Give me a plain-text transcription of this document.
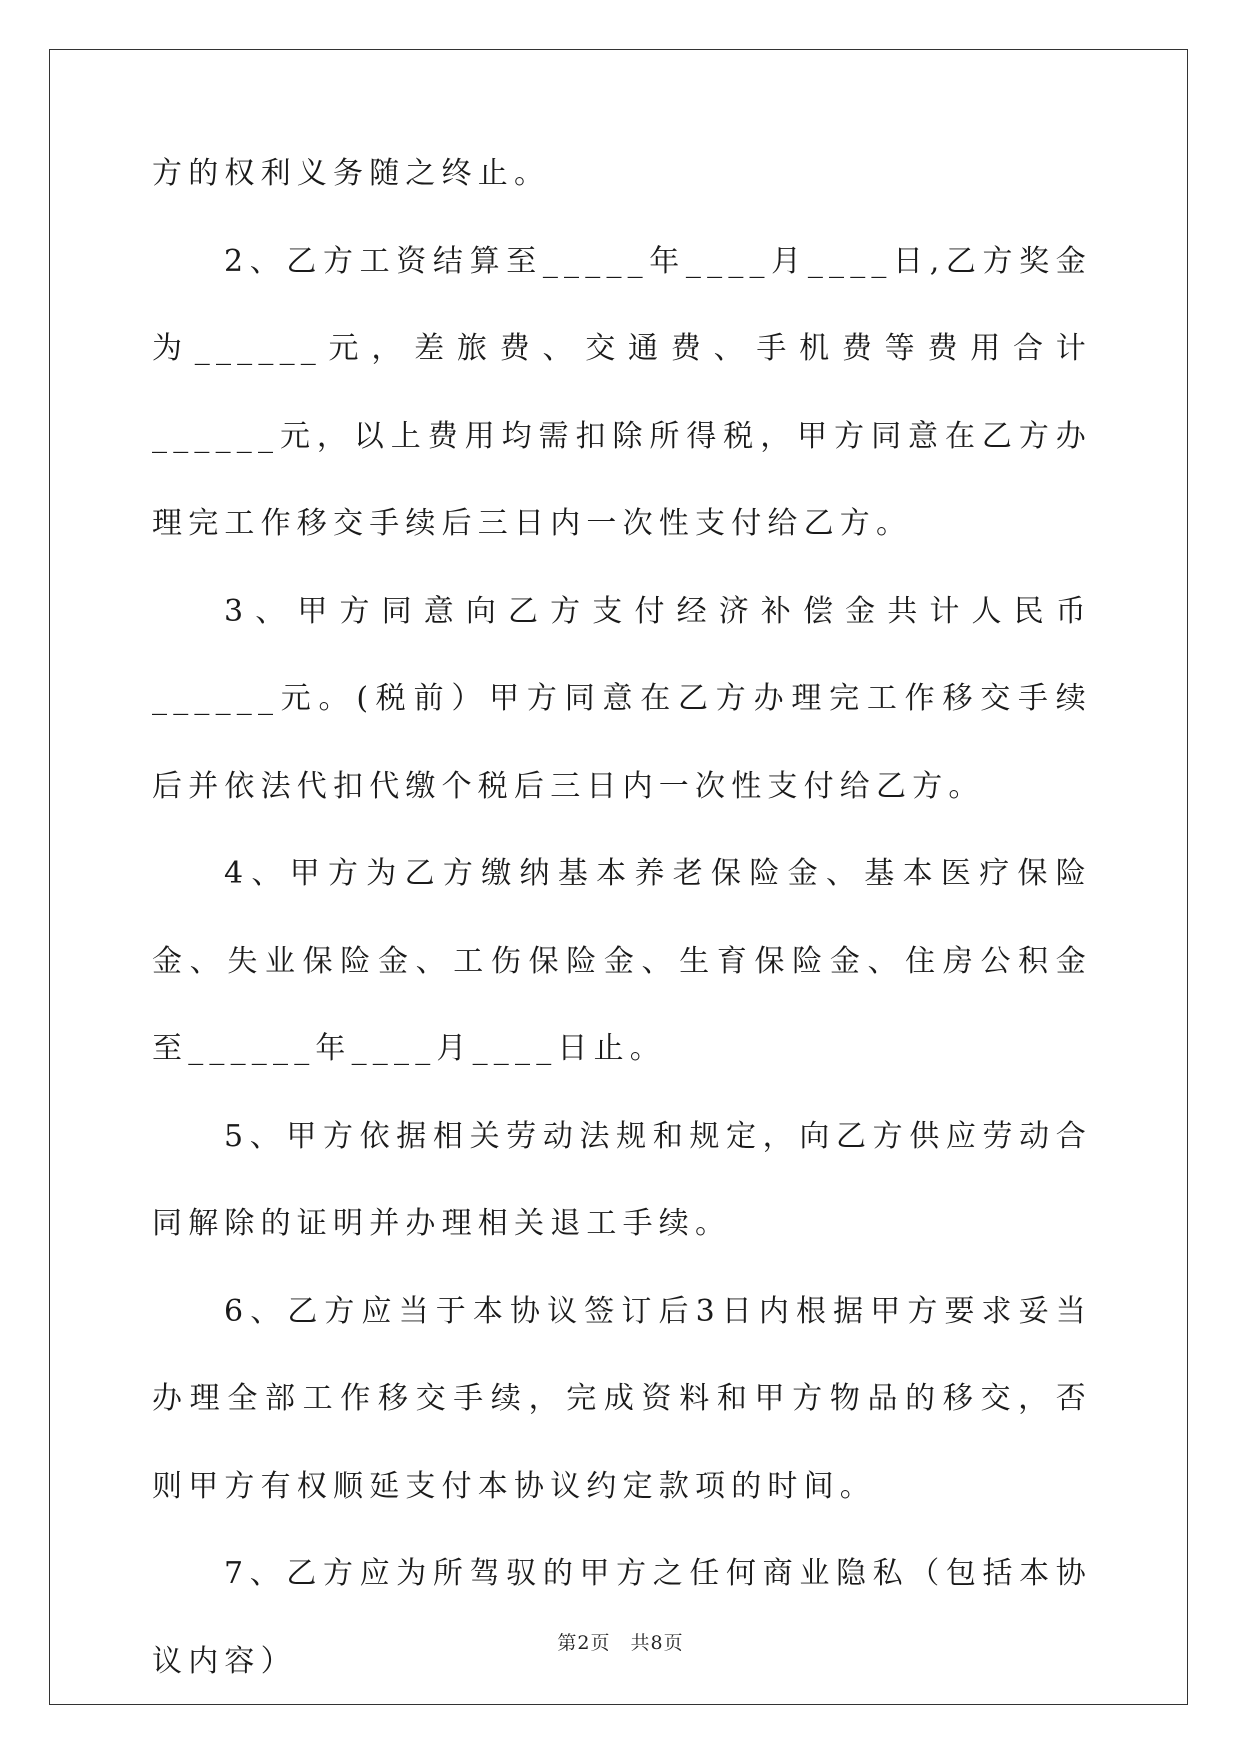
方的权利义务随之终止。

2、乙方工资结算至_____年____月____日,乙方奖金为______元，差旅费、交通费、手机费等费用合计______元，以上费用均需扣除所得税，甲方同意在乙方办理完工作移交手续后三日内一次性支付给乙方。

3、甲方同意向乙方支付经济补偿金共计人民币______元。(税前）甲方同意在乙方办理完工作移交手续后并依法代扣代缴个税后三日内一次性支付给乙方。

4、甲方为乙方缴纳基本养老保险金、基本医疗保险金、失业保险金、工伤保险金、生育保险金、住房公积金至______年____月____日止。

5、甲方依据相关劳动法规和规定，向乙方供应劳动合同解除的证明并办理相关退工手续。

6、乙方应当于本协议签订后3日内根据甲方要求妥当办理全部工作移交手续，完成资料和甲方物品的移交，否则甲方有权顺延支付本协议约定款项的时间。

7、乙方应为所驾驭的甲方之任何商业隐私（包括本协议内容）

第2页　共8页
